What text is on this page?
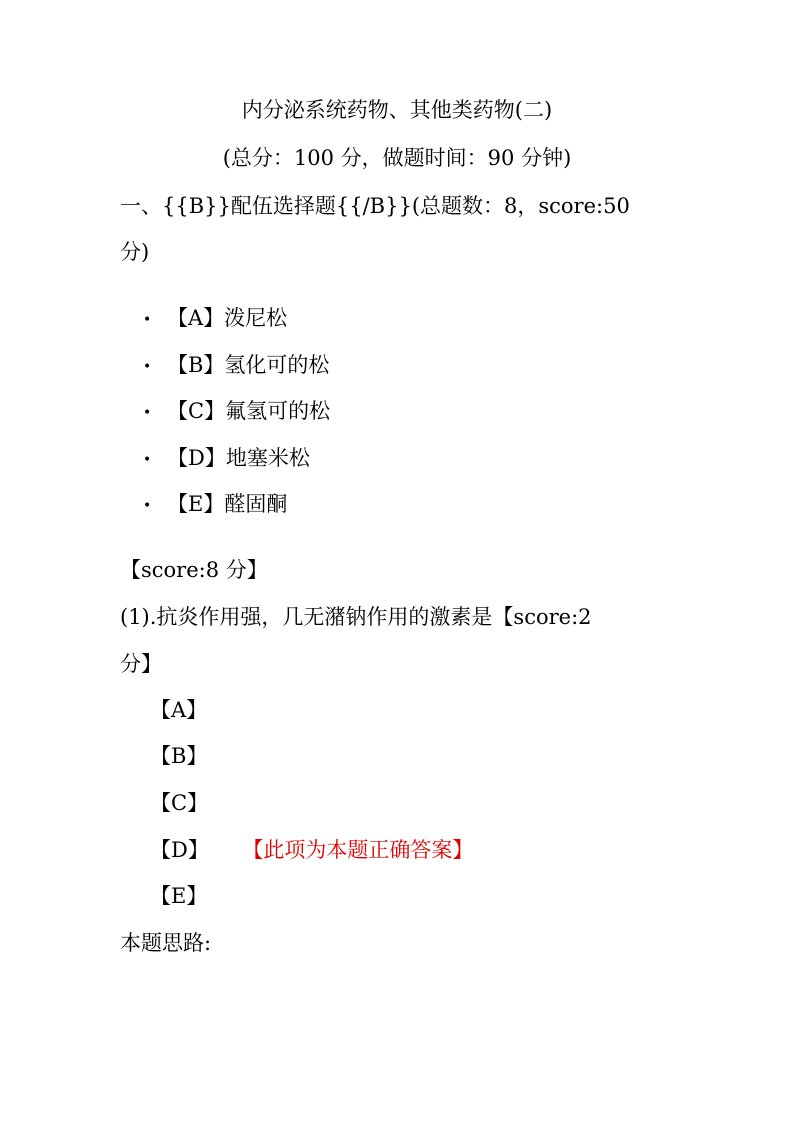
内分泌系统药物、其他类药物(二)
(总分：100 分，做题时间：90 分钟)
一、{{B}}配伍选择题{{/B}}(总题数：8，score:50
分)
• 【A】泼尼松
• 【B】氢化可的松
• 【C】氟氢可的松
• 【D】地塞米松
• 【E】醛固酮
【score:8 分】
(1).抗炎作用强，几无潴钠作用的激素是【score:2
分】
【A】
【B】
【C】
【D】 【此项为本题正确答案】
【E】
本题思路:
